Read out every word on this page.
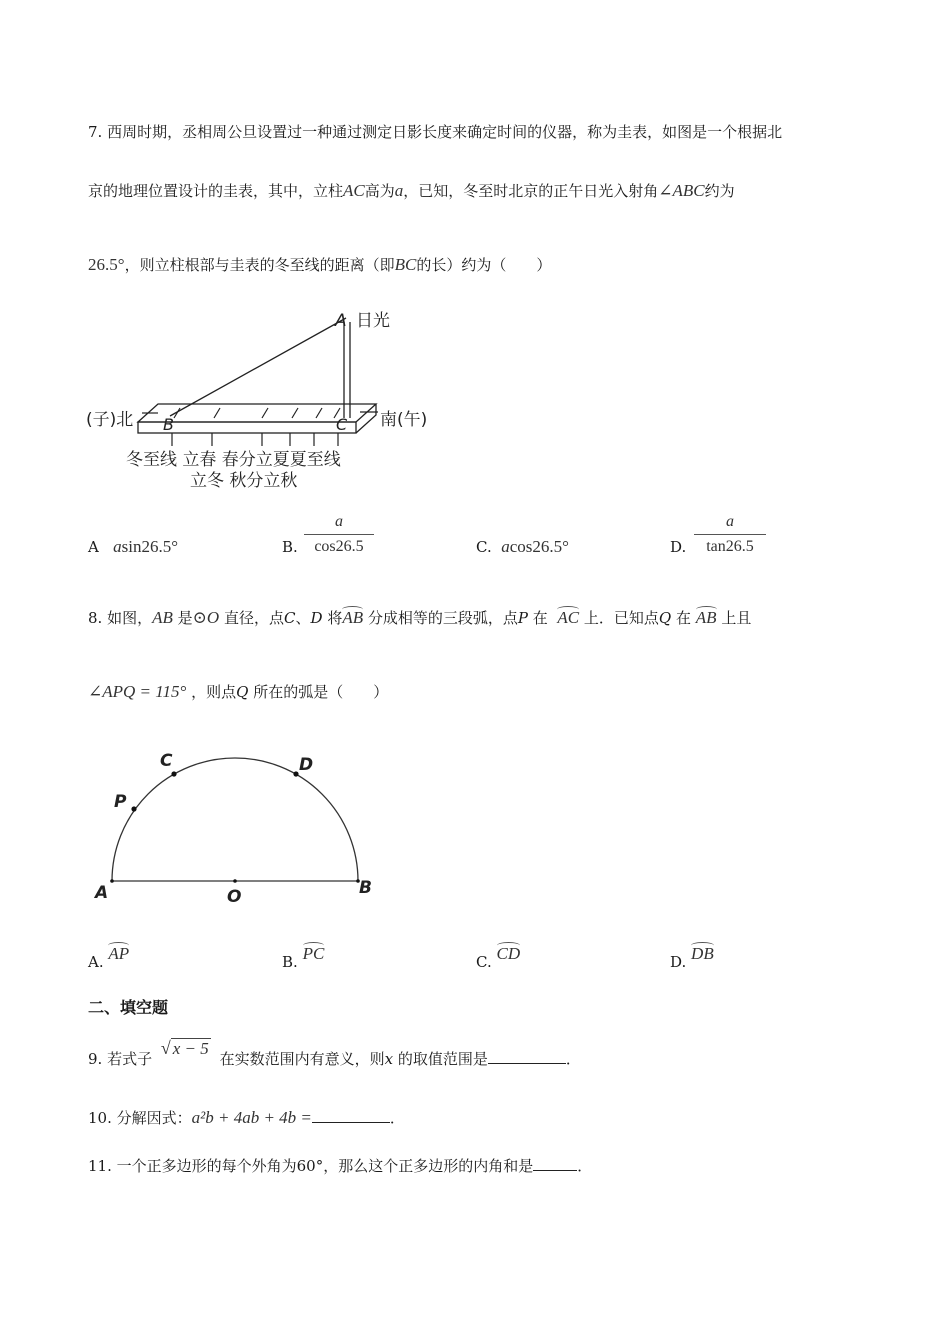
7. 西周时期，丞相周公旦设置过一种通过测定日影长度来确定时间的仪器，称为圭表，如图是一个根据北
京的地理位置设计的圭表，其中，立柱AC高为a，已知，冬至时北京的正午日光入射角∠ABC约为
26.5°，则立柱根部与圭表的冬至线的距离（即BC的长）约为（　　）
A 日光
B	C
(子)北	南(午)
冬至线 立春 春分立夏夏至线
立冬 秋分立秋
A asin26.5°	B.
a
cos26.5	C. acos26.5°	D.
a
tan26.5
8. 如图，AB 是⊙O 直径，点C、D 将AB 分成相等的三段弧，点P 在 AC 上．已知点Q 在 AB 上且
∠APQ = 115° ，则点Q 所在的弧是（　　）
A	O	B
C	D
P
A. AP	B. PC	C. CD	D. DB
二、填空题
9. 若式子 √ x − 5 在实数范围内有意义，则x 的取值范围是	．
10. 分解因式：a²b + 4ab + 4b =	．
11. 一个正多边形的每个外角为60°，那么这个正多边形的内角和是	．
